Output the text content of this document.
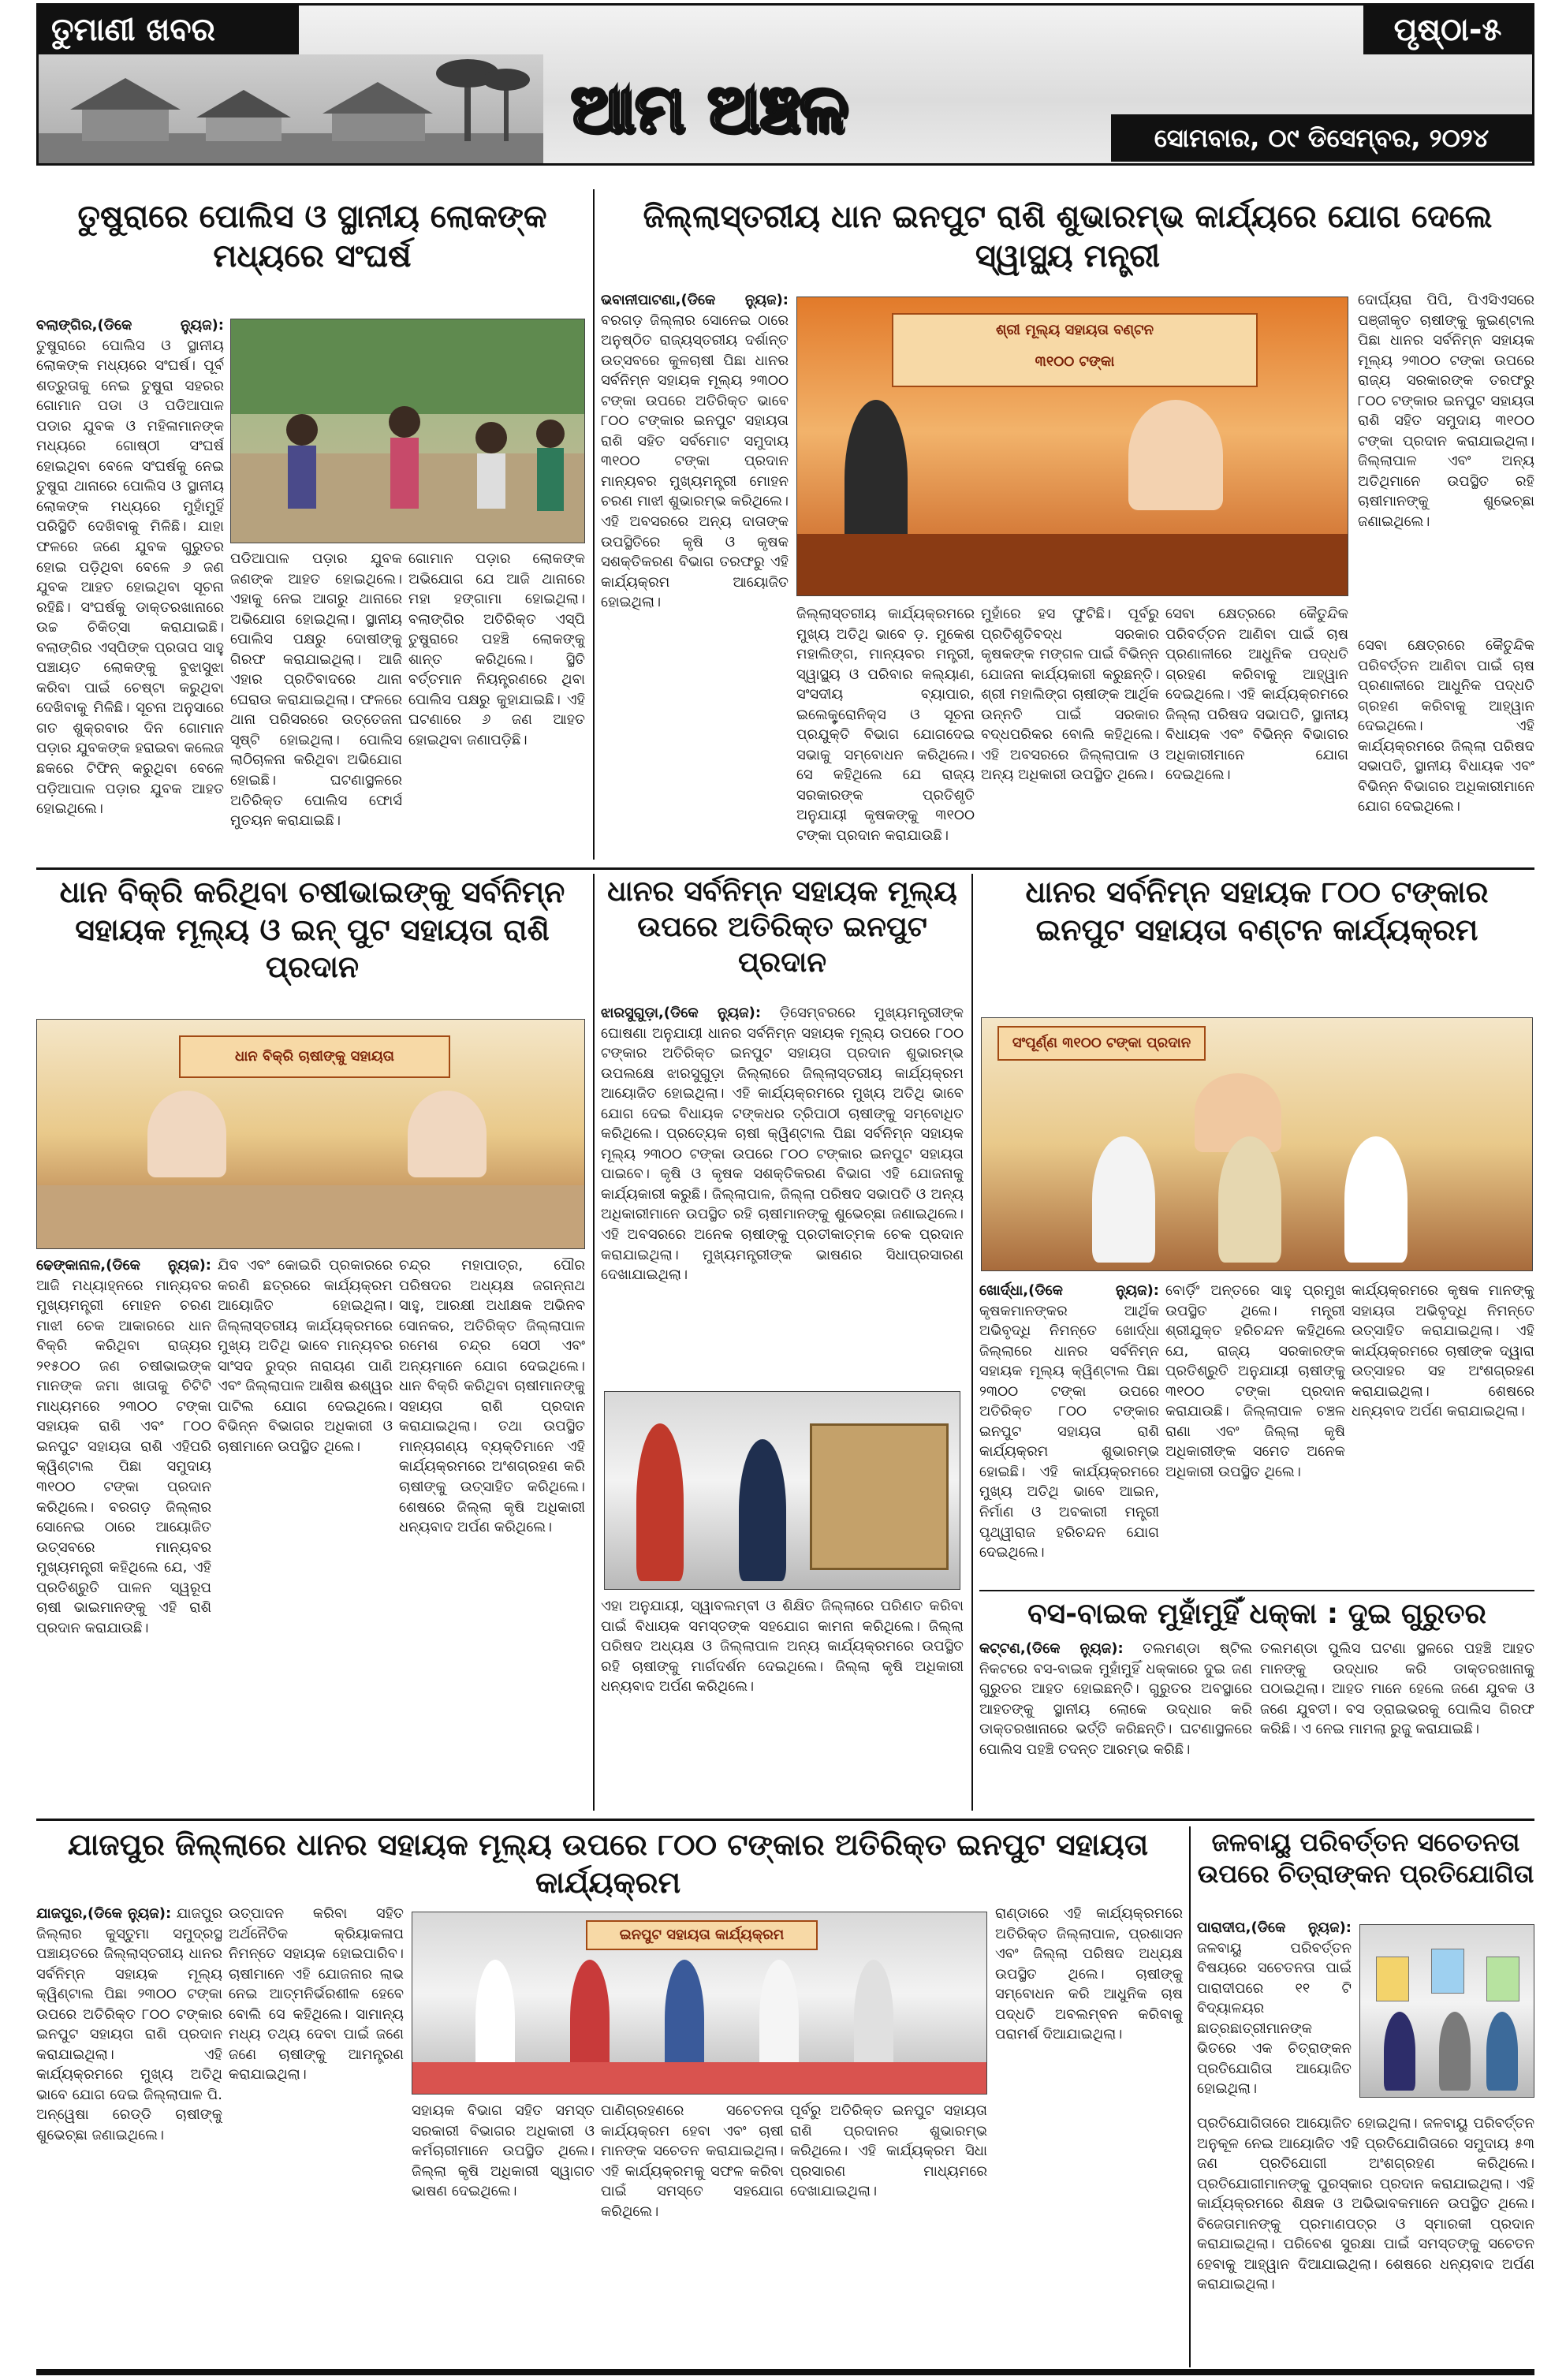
ତୁମାଣୀ ଖବର
ଆମ ଅଞ୍ଚଳ
ପୃଷ୍ଠା-୫
ସୋମବାର, ୦୯ ଡିସେମ୍ବର, ୨୦୨୪
ତୁଷୁରାରେ ପୋଲିସ ଓ ସ୍ଥାନୀୟ ଲୋକଙ୍କ ମଧ୍ୟରେ ସଂଘର୍ଷ
ବଲାଙ୍ଗିର,(ଡିକେ ନ୍ୟୁଜ): ତୁଷୁରାରେ ପୋଲିସ ଓ ସ୍ଥାନୀୟ ଲୋକଙ୍କ ମଧ୍ୟରେ ସଂଘର୍ଷ। ପୂର୍ବ ଶତ୍ରୁତାକୁ ନେଇ ତୁଷୁରା ସହରର ଗୋମାନ ପଡା ଓ ପଡିଆପାଳ ପଡାର ଯୁବକ ଓ ମହିଳାମାନଙ୍କ ମଧ୍ୟରେ ଗୋଷ୍ଠୀ ସଂଘର୍ଷ ହୋଇଥିବା ବେଳେ ସଂଘର୍ଷକୁ ନେଇ ତୁଷୁରା ଥାନାରେ ପୋଲିସ ଓ ସ୍ଥାନୀୟ ଲୋକଙ୍କ ମଧ୍ୟରେ ମୁହାଁମୁହିଁ ପରିସ୍ଥିତି ଦେଖିବାକୁ ମିଳିଛି। ଯାହା ଫଳରେ ଜଣେ ଯୁବକ ଗୁରୁତର ହୋଇ ପଡ଼ିଥିବା ବେଳେ ୬ ଜଣ ଯୁବକ ଆହତ ହୋଇଥିବା ସୂଚନା ରହିଛି। ସଂଘର୍ଷକୁ ଡାକ୍ତରଖାନାରେ ଉଚ୍ଚ ଚିକିତ୍ସା କରାଯାଇଛି। ବଲାଙ୍ଗିର ଏସ୍‌ପିଙ୍କ ପ୍ରତାପ ସାହୁ ପଞ୍ଚାୟତ ଲୋକଙ୍କୁ ବୁଝାସୁଝା କରିବା ପାଇଁ ଚେଷ୍ଟା କରୁଥିବା ଦେଖିବାକୁ ମିଳିଛି। ସୂଚନା ଅନୁସାରେ ଗତ ଶୁକ୍ରବାର ଦିନ ଗୋମାନ ପଡ଼ାର ଯୁବକଙ୍କ ହରାଇବା କଲେଜ ଛକରେ ଟିଫିନ୍ କରୁଥିବା ବେଳେ ପଡ଼ିଆପାଳ ପଡ଼ାର ଯୁବକ ଆହତ ହୋଇଥିଲେ।
ପଡିଆପାଳ ପଡ଼ାର ଯୁବକ ଜଣଙ୍କ ଆହତ ହୋଇଥିଲେ। ଏହାକୁ ନେଇ ଆଗରୁ ଥାନାରେ ଅଭିଯୋଗ ହୋଇଥିଲା। ସ୍ଥାନୀୟ ପୋଲିସ ପକ୍ଷରୁ ଦୋଷୀଙ୍କୁ ଗିରଫ କରାଯାଇଥିଲା। ଆଜି ଏହାର ପ୍ରତିବାଦରେ ଥାନା ଘେରାଉ କରାଯାଇଥିଲା। ଫଳରେ ଥାନା ପରିସରରେ ଉତ୍ତେଜନା ସୃଷ୍ଟି ହୋଇଥିଲା। ପୋଲିସ ଲାଠିଚାଳନା କରିଥିବା ଅଭିଯୋଗ ହୋଇଛି। ଘଟଣାସ୍ଥଳରେ ଅତିରିକ୍ତ ପୋଲିସ ଫୋର୍ସ ମୁତୟନ କରାଯାଇଛି।
ଗୋମାନ ପଡ଼ାର ଲୋକଙ୍କ ଅଭିଯୋଗ ଯେ ଆଜି ଥାନାରେ ମହା ହଙ୍ଗାମା ହୋଇଥିଲା। ବଲାଙ୍ଗିର ଅତିରିକ୍ତ ଏସ୍‌ପି ତୁଷୁରାରେ ପହଞ୍ଚି ଲୋକଙ୍କୁ ଶାନ୍ତ କରିଥିଲେ। ସ୍ଥିତି ବର୍ତ୍ତମାନ ନିୟନ୍ତ୍ରଣରେ ଥିବା ପୋଲିସ ପକ୍ଷରୁ କୁହାଯାଇଛି। ଏହି ଘଟଣାରେ ୬ ଜଣ ଆହତ ହୋଇଥିବା ଜଣାପଡ଼ିଛି।
ଜିଲ୍ଲାସ୍ତରୀୟ ଧାନ ଇନପୁଟ ରାଶି ଶୁଭାରମ୍ଭ କାର୍ଯ୍ୟରେ ଯୋଗ ଦେଲେ ସ୍ୱାସ୍ଥ୍ୟ ମନ୍ତ୍ରୀ
ଭବାନୀପାଟଣା,(ଡିକେ ନ୍ୟୁଜ): ବରଗଡ଼ ଜିଲ୍ଲାର ସୋନେଇ ଠାରେ ଅନୁଷ୍ଠିତ ରାଜ୍ୟସ୍ତରୀୟ ଦର୍ଶାନ୍ତ ଉତ୍ସବରେ କୁଳଚାଷୀ ପିଛା ଧାନର ସର୍ବନିମ୍ନ ସହାୟକ ମୂଲ୍ୟ ୨୩୦୦ ଟଙ୍କା ଉପରେ ଅତିରିକ୍ତ ଭାବେ ୮୦୦ ଟଙ୍କାର ଇନପୁଟ ସହାୟତା ରାଶି ସହିତ ସର୍ବମୋଟ ସମୁଦାୟ ୩୧୦୦ ଟଙ୍କା ପ୍ରଦାନ ମାନ୍ୟବର ମୁଖ୍ୟମନ୍ତ୍ରୀ ମୋହନ ଚରଣ ମାଝୀ ଶୁଭାରମ୍ଭ କରିଥିଲେ। ଏହି ଅବସରରେ ଅନ୍ୟ ଦାତାଙ୍କ ଉପସ୍ଥିତିରେ କୃଷି ଓ କୃଷକ ସଶକ୍ତିକରଣ ବିଭାଗ ତରଫରୁ ଏହି କାର୍ଯ୍ୟକ୍ରମ ଆୟୋଜିତ ହୋଇଥିଲା।
ଶ୍ରୀ ମୂଲ୍ୟ ସହାୟତା ବଣ୍ଟନ
୩୧୦୦ ଟଙ୍କା
ଦୋର୍ଘ୍ୟରା ପିପି, ପିଏସିଏସରେ ପଞ୍ଜୀକୃତ ଚାଷୀଙ୍କୁ କୁଇଣ୍ଟାଲ ପିଛା ଧାନର ସର୍ବନିମ୍ନ ସହାୟକ ମୂଲ୍ୟ ୨୩୦୦ ଟଙ୍କା ଉପରେ ରାଜ୍ୟ ସରକାରଙ୍କ ତରଫରୁ ୮୦୦ ଟଙ୍କାର ଇନପୁଟ ସହାୟତା ରାଶି ସହିତ ସମୁଦାୟ ୩୧୦୦ ଟଙ୍କା ପ୍ରଦାନ କରାଯାଇଥିଲା। ଜିଲ୍ଲାପାଳ ଏବଂ ଅନ୍ୟ ଅତିଥିମାନେ ଉପସ୍ଥିତ ରହି ଚାଷୀମାନଙ୍କୁ ଶୁଭେଚ୍ଛା ଜଣାଇଥିଲେ।
ଜିଲ୍ଲାସ୍ତରୀୟ କାର୍ଯ୍ୟକ୍ରମରେ ମୁଖ୍ୟ ଅତିଥି ଭାବେ ଡ଼. ମୁକେଶ ମହାଲିଙ୍ଗ, ମାନ୍ୟବର ମନ୍ତ୍ରୀ, ସ୍ୱାସ୍ଥ୍ୟ ଓ ପରିବାର କଲ୍ୟାଣ, ସଂସଦୀୟ ବ୍ୟାପାର, ଇଲେକ୍ଟ୍ରୋନିକ୍ସ ଓ ସୂଚନା ପ୍ରଯୁକ୍ତି ବିଭାଗ ଯୋଗଦେଇ ସଭାକୁ ସମ୍ବୋଧନ କରିଥିଲେ। ସେ କହିଥିଲେ ଯେ ରାଜ୍ୟ ସରକାରଙ୍କ ପ୍ରତିଶୃତି ଅନୁଯାୟୀ କୃଷକଙ୍କୁ ୩୧୦୦ ଟଙ୍କା ପ୍ରଦାନ କରାଯାଉଛି।
ମୁହାଁରେ ହସ ଫୁଟିଛି। ପୂର୍ବରୁ ପ୍ରତିଶୃତିବଦ୍ଧ ସରକାର କୃଷକଙ୍କ ମଙ୍ଗଳ ପାଇଁ ବିଭିନ୍ନ ଯୋଜନା କାର୍ଯ୍ୟକାରୀ କରୁଛନ୍ତି। ଶ୍ରୀ ମହାଲିଙ୍ଗ ଚାଷୀଙ୍କ ଆର୍ଥିକ ଉନ୍ନତି ପାଇଁ ସରକାର ବଦ୍ଧପରିକର ବୋଲି କହିଥିଲେ। ଏହି ଅବସରରେ ଜିଲ୍ଲାପାଳ ଓ ଅନ୍ୟ ଅଧିକାରୀ ଉପସ୍ଥିତ ଥିଲେ।
ସେବା କ୍ଷେତ୍ରରେ କୈତୁନ୍ଦିକ ପରିବର୍ତ୍ତନ ଆଣିବା ପାଇଁ ଚାଷ ପ୍ରଣାଳୀରେ ଆଧୁନିକ ପଦ୍ଧତି ଗ୍ରହଣ କରିବାକୁ ଆହ୍ୱାନ ଦେଇଥିଲେ। ଏହି କାର୍ଯ୍ୟକ୍ରମରେ ଜିଲ୍ଲା ପରିଷଦ ସଭାପତି, ସ୍ଥାନୀୟ ବିଧାୟକ ଏବଂ ବିଭିନ୍ନ ବିଭାଗର ଅଧିକାରୀମାନେ ଯୋଗ ଦେଇଥିଲେ।
ସେବା କ୍ଷେତ୍ରରେ କୈତୁନ୍ଦିକ ପରିବର୍ତ୍ତନ ଆଣିବା ପାଇଁ ଚାଷ ପ୍ରଣାଳୀରେ ଆଧୁନିକ ପଦ୍ଧତି ଗ୍ରହଣ କରିବାକୁ ଆହ୍ୱାନ ଦେଇଥିଲେ। ଏହି କାର୍ଯ୍ୟକ୍ରମରେ ଜିଲ୍ଲା ପରିଷଦ ସଭାପତି, ସ୍ଥାନୀୟ ବିଧାୟକ ଏବଂ ବିଭିନ୍ନ ବିଭାଗର ଅଧିକାରୀମାନେ ଯୋଗ ଦେଇଥିଲେ।
ଧାନ ବିକ୍ରି କରିଥିବା ଚଷୀଭାଇଙ୍କୁ ସର୍ବନିମ୍ନ ସହାୟକ ମୂଲ୍ୟ ଓ ଇନ୍ ପୁଟ ସହାୟତା ରାଶି ପ୍ରଦାନ
ଧାନ ବିକ୍ରି ଚାଷୀଙ୍କୁ ସହାୟତା
ଢେଙ୍କାନାଳ,(ଡିକେ ନ୍ୟୁଜ): ଆଜି ମଧ୍ୟାହ୍ନରେ ମାନ୍ୟବର ମୁଖ୍ୟମନ୍ତ୍ରୀ ମୋହନ ଚରଣ ମାଝୀ ଚେକ ଆକାରରେ ଧାନ ବିକ୍ରି କରିଥିବା ରାଜ୍ୟର ୨୧୫୦୦ ଜଣ ଚଷୀଭାଇଙ୍କ ମାନଙ୍କ ଜମା ଖାତାକୁ ଚିଟିଟି ମାଧ୍ୟମରେ ୨୩୦୦ ଟଙ୍କା ସହାୟକ ରାଶି ଏବଂ ୮୦୦ ଇନପୁଟ ସହାୟତା ରାଶି ଏହିପରି କ୍ୱିଣ୍ଟାଲ ପିଛା ସମୁଦାୟ ୩୧୦୦ ଟଙ୍କା ପ୍ରଦାନ କରିଥିଲେ। ବରଗଡ଼ ଜିଲ୍ଲାର ସୋନେଇ ଠାରେ ଆୟୋଜିତ ଉତ୍ସବରେ ମାନ୍ୟବର ମୁଖ୍ୟମନ୍ତ୍ରୀ କହିଥିଲେ ଯେ, ଏହି ପ୍ରତିଶ୍ରୁତି ପାଳନ ସ୍ୱରୂପ ଚାଷୀ ଭାଇମାନଙ୍କୁ ଏହି ରାଶି ପ୍ରଦାନ କରାଯାଉଛି।
ଯିବ ଏବଂ କୋଇରି ପ୍ରକାରରେ କରଣି ଛତ୍ରରେ କାର୍ଯ୍ୟକ୍ରମ ଆୟୋଜିତ ହୋଇଥିଲା। ଜିଲ୍ଲାସ୍ତରୀୟ କାର୍ଯ୍ୟକ୍ରମରେ ମୁଖ୍ୟ ଅତିଥି ଭାବେ ମାନ୍ୟବର ସାଂସଦ ରୁଦ୍ର ନାରାୟଣ ପାଣି ଏବଂ ଜିଲ୍ଲାପାଳ ଆଶିଷ ଈଶ୍ୱର ପାଟିଲ ଯୋଗ ଦେଇଥିଲେ। ବିଭିନ୍ନ ବିଭାଗର ଅଧିକାରୀ ଓ ଚାଷୀମାନେ ଉପସ୍ଥିତ ଥିଲେ।
ଚନ୍ଦ୍ର ମହାପାତ୍ର, ପୌର ପରିଷଦର ଅଧ୍ୟକ୍ଷ ଜଗନ୍ନାଥ ସାହୁ, ଆରକ୍ଷୀ ଅଧୀକ୍ଷକ ଅଭିନବ ସୋନକର, ଅତିରିକ୍ତ ଜିଲ୍ଲାପାଳ ରମେଶ ଚନ୍ଦ୍ର ସେଠୀ ଏବଂ ଅନ୍ୟମାନେ ଯୋଗ ଦେଇଥିଲେ। ଧାନ ବିକ୍ରି କରିଥିବା ଚାଷୀମାନଙ୍କୁ ସହାୟତା ରାଶି ପ୍ରଦାନ କରାଯାଇଥିଲା। ତଥା ଉପସ୍ଥିତ ମାନ୍ୟଗଣ୍ୟ ବ୍ୟକ୍ତିମାନେ ଏହି କାର୍ଯ୍ୟକ୍ରମରେ ଅଂଶଗ୍ରହଣ କରି ଚାଷୀଙ୍କୁ ଉତ୍ସାହିତ କରିଥିଲେ। ଶେଷରେ ଜିଲ୍ଲା କୃଷି ଅଧିକାରୀ ଧନ୍ୟବାଦ ଅର୍ପଣ କରିଥିଲେ।
ଧାନର ସର୍ବନିମ୍ନ ସହାୟକ ମୂଲ୍ୟ ଉପରେ ଅତିରିକ୍ତ ଇନପୁଟ ପ୍ରଦାନ
ଝାରସୁଗୁଡ଼ା,(ଡିକେ ନ୍ୟୁଜ): ଡ଼ିସେମ୍ବରରେ ମୁଖ୍ୟମନ୍ତ୍ରୀଙ୍କ ଘୋଷଣା ଅନୁଯାୟୀ ଧାନର ସର୍ବନିମ୍ନ ସହାୟକ ମୂଲ୍ୟ ଉପରେ ୮୦୦ ଟଙ୍କାର ଅତିରିକ୍ତ ଇନପୁଟ ସହାୟତା ପ୍ରଦାନ ଶୁଭାରମ୍ଭ ଉପଲକ୍ଷେ ଝାରସୁଗୁଡ଼ା ଜିଲ୍ଲାରେ ଜିଲ୍ଲାସ୍ତରୀୟ କାର୍ଯ୍ୟକ୍ରମ ଆୟୋଜିତ ହୋଇଥିଲା। ଏହି କାର୍ଯ୍ୟକ୍ରମରେ ମୁଖ୍ୟ ଅତିଥି ଭାବେ ଯୋଗ ଦେଇ ବିଧାୟକ ଟଙ୍କଧର ତ୍ରିପାଠୀ ଚାଷୀଙ୍କୁ ସମ୍ବୋଧିତ କରିଥିଲେ। ପ୍ରତ୍ୟେକ ଚାଷୀ କ୍ୱିଣ୍ଟାଲ ପିଛା ସର୍ବନିମ୍ନ ସହାୟକ ମୂଲ୍ୟ ୨୩୦୦ ଟଙ୍କା ଉପରେ ୮୦୦ ଟଙ୍କାର ଇନପୁଟ ସହାୟତା ପାଇବେ। କୃଷି ଓ କୃଷକ ସଶକ୍ତିକରଣ ବିଭାଗ ଏହି ଯୋଜନାକୁ କାର୍ଯ୍ୟକାରୀ କରୁଛି। ଜିଲ୍ଲାପାଳ, ଜିଲ୍ଲା ପରିଷଦ ସଭାପତି ଓ ଅନ୍ୟ ଅଧିକାରୀମାନେ ଉପସ୍ଥିତ ରହି ଚାଷୀମାନଙ୍କୁ ଶୁଭେଚ୍ଛା ଜଣାଇଥିଲେ। ଏହି ଅବସରରେ ଅନେକ ଚାଷୀଙ୍କୁ ପ୍ରତୀକାତ୍ମକ ଚେକ ପ୍ରଦାନ କରାଯାଇଥିଲା। ମୁଖ୍ୟମନ୍ତ୍ରୀଙ୍କ ଭାଷଣର ସିଧାପ୍ରସାରଣ ଦେଖାଯାଇଥିଲା।
ଏହା ଅନୁଯାୟୀ, ସ୍ୱାବଲମ୍ବୀ ଓ ଶିକ୍ଷିତ ଜିଲ୍ଲାରେ ପରିଣତ କରିବା ପାଇଁ ବିଧାୟକ ସମସ୍ତଙ୍କ ସହଯୋଗ କାମନା କରିଥିଲେ। ଜିଲ୍ଲା ପରିଷଦ ଅଧ୍ୟକ୍ଷ ଓ ଜିଲ୍ଲାପାଳ ଅନ୍ୟ କାର୍ଯ୍ୟକ୍ରମରେ ଉପସ୍ଥିତ ରହି ଚାଷୀଙ୍କୁ ମାର୍ଗଦର୍ଶନ ଦେଇଥିଲେ। ଜିଲ୍ଲା କୃଷି ଅଧିକାରୀ ଧନ୍ୟବାଦ ଅର୍ପଣ କରିଥିଲେ।
ଧାନର ସର୍ବନିମ୍ନ ସହାୟକ ୮୦୦ ଟଙ୍କାର ଇନପୁଟ ସହାୟତା ବଣ୍ଟନ କାର୍ଯ୍ୟକ୍ରମ
ସଂପୂର୍ଣ୍ଣ ୩୧୦୦ ଟଙ୍କା ପ୍ରଦାନ
ଖୋର୍ଦ୍ଧା,(ଡିକେ ନ୍ୟୁଜ): କୃଷକମାନଙ୍କର ଆର୍ଥିକ ଅଭିବୃଦ୍ଧି ନିମନ୍ତେ ଖୋର୍ଦ୍ଧା ଜିଲ୍ଲାରେ ଧାନର ସର୍ବନିମ୍ନ ସହାୟକ ମୂଲ୍ୟ କ୍ୱିଣ୍ଟାଲ ପିଛା ୨୩୦୦ ଟଙ୍କା ଉପରେ ଅତିରିକ୍ତ ୮୦୦ ଟଙ୍କାର ଇନପୁଟ ସହାୟତା ରାଶି କାର୍ଯ୍ୟକ୍ରମ ଶୁଭାରମ୍ଭ ହୋଇଛି। ଏହି କାର୍ଯ୍ୟକ୍ରମରେ ମୁଖ୍ୟ ଅତିଥି ଭାବେ ଆଇନ, ନିର୍ମାଣ ଓ ଅବକାରୀ ମନ୍ତ୍ରୀ ପୃଥ୍ୱୀରାଜ ହରିଚନ୍ଦନ ଯୋଗ ଦେଇଥିଲେ।
ବୋର୍ଡ଼ିଂ ଅନ୍ତରେ ସାହୁ ପ୍ରମୁଖ ଉପସ୍ଥିତ ଥିଲେ। ମନ୍ତ୍ରୀ ଶ୍ରୀଯୁକ୍ତ ହରିଚନ୍ଦନ କହିଥିଲେ ଯେ, ରାଜ୍ୟ ସରକାରଙ୍କ ପ୍ରତିଶ୍ରୁତି ଅନୁଯାୟୀ ଚାଷୀଙ୍କୁ ୩୧୦୦ ଟଙ୍କା ପ୍ରଦାନ କରାଯାଉଛି। ଜିଲ୍ଲାପାଳ ଚଞ୍ଚଳ ରାଣା ଏବଂ ଜିଲ୍ଲା କୃଷି ଅଧିକାରୀଙ୍କ ସମେତ ଅନେକ ଅଧିକାରୀ ଉପସ୍ଥିତ ଥିଲେ।
କାର୍ଯ୍ୟକ୍ରମରେ କୃଷକ ମାନଙ୍କୁ ସହାୟତା ଅଭିବୃଦ୍ଧି ନିମନ୍ତେ ଉତ୍ସାହିତ କରାଯାଇଥିଲା। ଏହି କାର୍ଯ୍ୟକ୍ରମରେ ଚାଷୀଙ୍କ ଦ୍ୱାରା ଉତ୍ସାହର ସହ ଅଂଶଗ୍ରହଣ କରାଯାଇଥିଲା। ଶେଷରେ ଧନ୍ୟବାଦ ଅର୍ପଣ କରାଯାଇଥିଲା।
ବସ-ବାଇକ ମୁହାଁମୁହିଁ ଧକ୍କା : ଦୁଇ ଗୁରୁତର
କଟ୍ଟଣ,(ଡିକେ ନ୍ୟୁଜ): ତଲମଣ୍ଡା ଷ୍ଟିଲ ନିକଟରେ ବସ-ବାଇକ ମୁହାଁମୁହିଁ ଧକ୍କାରେ ଦୁଇ ଜଣ ଗୁରୁତର ଆହତ ହୋଇଛନ୍ତି। ଗୁରୁତର ଅବସ୍ଥାରେ ଆହତଙ୍କୁ ସ୍ଥାନୀୟ ଲୋକେ ଉଦ୍ଧାର କରି ଡାକ୍ତରଖାନାରେ ଭର୍ତ୍ତି କରିଛନ୍ତି। ଘଟଣାସ୍ଥଳରେ ପୋଲିସ ପହଞ୍ଚି ତଦନ୍ତ ଆରମ୍ଭ କରିଛି।
ତଲମଣ୍ଡା ପୁଲିସ ଘଟଣା ସ୍ଥଳରେ ପହଞ୍ଚି ଆହତ ମାନଙ୍କୁ ଉଦ୍ଧାର କରି ଡାକ୍ତରଖାନାକୁ ପଠାଇଥିଲା। ଆହତ ମାନେ ହେଲେ ଜଣେ ଯୁବକ ଓ ଜଣେ ଯୁବତୀ। ବସ ଡ୍ରାଇଭରକୁ ପୋଲିସ ଗିରଫ କରିଛି। ଏ ନେଇ ମାମଲା ରୁଜୁ କରାଯାଇଛି।
ଯାଜପୁର ଜିଲ୍ଲାରେ ଧାନର ସହାୟକ ମୂଲ୍ୟ ଉପରେ ୮୦୦ ଟଙ୍କାର ଅତିରିକ୍ତ ଇନପୁଟ ସହାୟତା କାର୍ଯ୍ୟକ୍ରମ
ଯାଜପୁର,(ଡିକେ ନ୍ୟୁଜ): ଯାଜପୁର ଜିଲ୍ଲାର କୁସ୍ତୁମା ସମୁଦ୍ରସ୍ଥ ପଞ୍ଚାୟତରେ ଜିଲ୍ଲାସ୍ତରୀୟ ଧାନର ସର୍ବନିମ୍ନ ସହାୟକ ମୂଲ୍ୟ କ୍ୱିଣ୍ଟାଲ ପିଛା ୨୩୦୦ ଟଙ୍କା ଉପରେ ଅତିରିକ୍ତ ୮୦୦ ଟଙ୍କାର ଇନପୁଟ ସହାୟତା ରାଶି ପ୍ରଦାନ କରାଯାଇଥିଲା। ଏହି କାର୍ଯ୍ୟକ୍ରମରେ ମୁଖ୍ୟ ଅତିଥି ଭାବେ ଯୋଗ ଦେଇ ଜିଲ୍ଲାପାଳ ପି. ଅନ୍ୱେଷା ରେଡ୍ଡି ଚାଷୀଙ୍କୁ ଶୁଭେଚ୍ଛା ଜଣାଇଥିଲେ।
ଉତ୍ପାଦନ କରିବା ସହିତ ଅର୍ଥନୈତିକ କ୍ରିୟାକଳାପ ନିମନ୍ତେ ସହାୟକ ହୋଇପାରିବ। ଚାଷୀମାନେ ଏହି ଯୋଜନାର ଲାଭ ନେଇ ଆତ୍ମନିର୍ଭରଶୀଳ ହେବେ ବୋଲି ସେ କହିଥିଲେ। ସାମାନ୍ୟ ମଧ୍ୟ ତଥ୍ୟ ଦେବା ପାଇଁ ଜଣେ ଜଣେ ଚାଷୀଙ୍କୁ ଆମନ୍ତ୍ରଣ କରାଯାଇଥିଲା।
ଇନପୁଟ ସହାୟତା କାର୍ଯ୍ୟକ୍ରମ
ସହାୟକ ବିଭାଗ ସହିତ ସମସ୍ତ ସରକାରୀ ବିଭାଗର ଅଧିକାରୀ ଓ କର୍ମଚାରୀମାନେ ଉପସ୍ଥିତ ଥିଲେ। ଜିଲ୍ଲା କୃଷି ଅଧିକାରୀ ସ୍ୱାଗତ ଭାଷଣ ଦେଇଥିଲେ।
ପାଣିଗ୍ରହଣରେ ସଚେତନତା କାର୍ଯ୍ୟକ୍ରମ ହେବା ଏବଂ ଚାଷୀ ମାନଙ୍କ ସଚେତନ କରାଯାଇଥିଲା। ଏହି କାର୍ଯ୍ୟକ୍ରମକୁ ସଫଳ କରିବା ପାଇଁ ସମସ୍ତେ ସହଯୋଗ କରିଥିଲେ।
ପୂର୍ବରୁ ଅତିରିକ୍ତ ଇନପୁଟ ସହାୟତା ରାଶି ପ୍ରଦାନର ଶୁଭାରମ୍ଭ କରିଥିଲେ। ଏହି କାର୍ଯ୍ୟକ୍ରମ ସିଧା ପ୍ରସାରଣ ମାଧ୍ୟମରେ ଦେଖାଯାଇଥିଲା।
ରାଣ୍ଡାରେ ଏହି କାର୍ଯ୍ୟକ୍ରମରେ ଅତିରିକ୍ତ ଜିଲ୍ଲାପାଳ, ପ୍ରଶାସନ ଏବଂ ଜିଲ୍ଲା ପରିଷଦ ଅଧ୍ୟକ୍ଷ ଉପସ୍ଥିତ ଥିଲେ। ଚାଷୀଙ୍କୁ ସମ୍ବୋଧନ କରି ଆଧୁନିକ ଚାଷ ପଦ୍ଧତି ଅବଲମ୍ବନ କରିବାକୁ ପରାମର୍ଶ ଦିଆଯାଇଥିଲା।
ଜଳବାୟୁ ପରିବର୍ତ୍ତନ ସଚେତନତା ଉପରେ ଚିତ୍ରାଙ୍କନ ପ୍ରତିଯୋଗିତା
ପାରାଦୀପ,(ଡିକେ ନ୍ୟୁଜ): ଜଳବାୟୁ ପରିବର୍ତ୍ତନ ବିଷୟରେ ସଚେତନତା ପାଇଁ ପାରାଦୀପରେ ୧୧ ଟି ବିଦ୍ୟାଳୟର ଛାତ୍ରଛାତ୍ରୀମାନଙ୍କ ଭିତରେ ଏକ ଚିତ୍ରାଙ୍କନ ପ୍ରତିଯୋଗିତା ଆୟୋଜିତ ହୋଇଥିଲା।
ପ୍ରତିଯୋଗିତାରେ ଆୟୋଜିତ ହୋଇଥିଲା। ଜଳବାୟୁ ପରିବର୍ତ୍ତନ ଅନୁକୂଳ ନେଇ ଆୟୋଜିତ ଏହି ପ୍ରତିଯୋଗିତାରେ ସମୁଦାୟ ୫୩ ଜଣ ପ୍ରତିଯୋଗୀ ଅଂଶଗ୍ରହଣ କରିଥିଲେ। ପ୍ରତିଯୋଗୀମାନଙ୍କୁ ପୁରସ୍କାର ପ୍ରଦାନ କରାଯାଇଥିଲା। ଏହି କାର୍ଯ୍ୟକ୍ରମରେ ଶିକ୍ଷକ ଓ ଅଭିଭାବକମାନେ ଉପସ୍ଥିତ ଥିଲେ। ବିଜେତାମାନଙ୍କୁ ପ୍ରମାଣପତ୍ର ଓ ସ୍ମାରକୀ ପ୍ରଦାନ କରାଯାଇଥିଲା। ପରିବେଶ ସୁରକ୍ଷା ପାଇଁ ସମସ୍ତଙ୍କୁ ସଚେତନ ହେବାକୁ ଆହ୍ୱାନ ଦିଆଯାଇଥିଲା। ଶେଷରେ ଧନ୍ୟବାଦ ଅର୍ପଣ କରାଯାଇଥିଲା।
